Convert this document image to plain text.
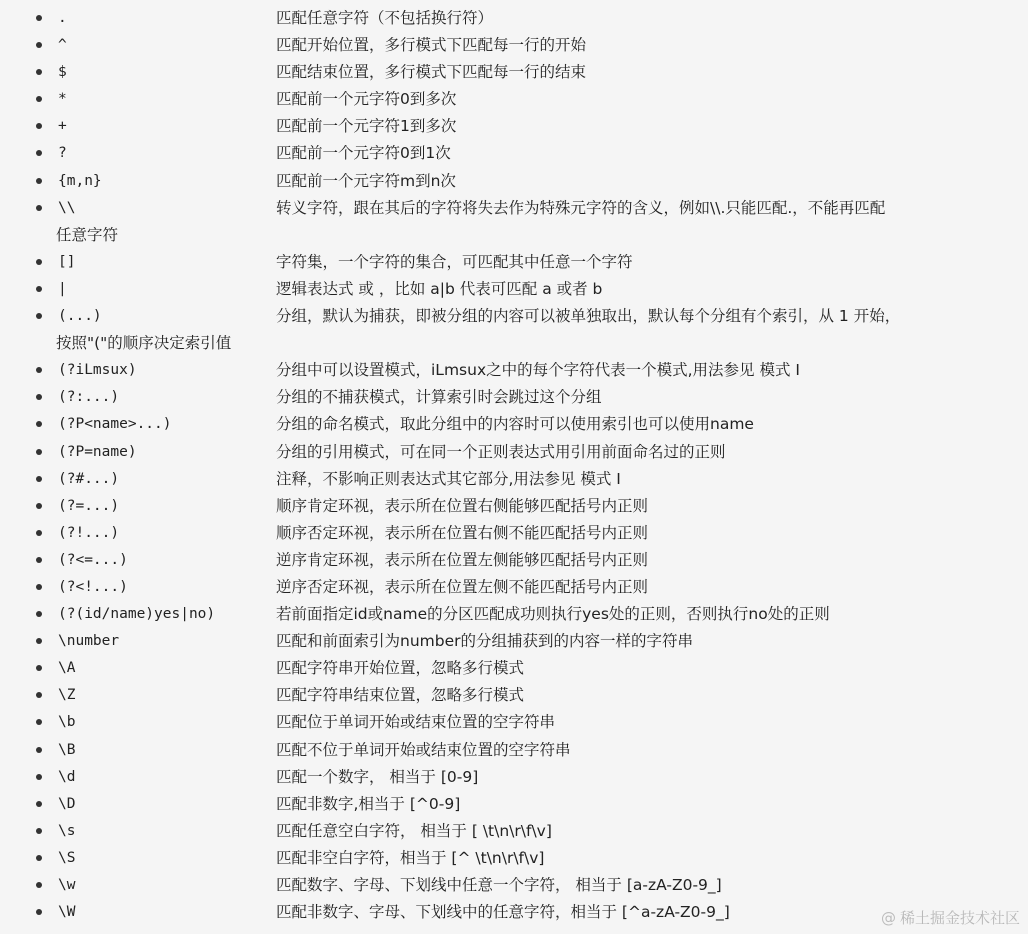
.	匹配任意字符（不包括换行符）
^	匹配开始位置，多行模式下匹配每一行的开始
$	匹配结束位置，多行模式下匹配每一行的结束
*	匹配前一个元字符0到多次
+	匹配前一个元字符1到多次
?	匹配前一个元字符0到1次
{m,n}	匹配前一个元字符m到n次
\\	转义字符，跟在其后的字符将失去作为特殊元字符的含义，例如\\.只能匹配.，不能再匹配
任意字符
[]	字符集，一个字符的集合，可匹配其中任意一个字符
|	逻辑表达式 或 ，比如 a|b 代表可匹配 a 或者 b
(...)	分组，默认为捕获，即被分组的内容可以被单独取出，默认每个分组有个索引，从 1 开始，
按照"("的顺序决定索引值
(?iLmsux)	分组中可以设置模式，iLmsux之中的每个字符代表一个模式,用法参见 模式 I
(?:...)	分组的不捕获模式，计算索引时会跳过这个分组
(?P<name>...)	分组的命名模式，取此分组中的内容时可以使用索引也可以使用name
(?P=name)	分组的引用模式，可在同一个正则表达式用引用前面命名过的正则
(?#...)	注释，不影响正则表达式其它部分,用法参见 模式 I
(?=...)	顺序肯定环视，表示所在位置右侧能够匹配括号内正则
(?!...)	顺序否定环视，表示所在位置右侧不能匹配括号内正则
(?<=...)	逆序肯定环视，表示所在位置左侧能够匹配括号内正则
(?<!...)	逆序否定环视，表示所在位置左侧不能匹配括号内正则
(?(id/name)yes|no)	若前面指定id或name的分区匹配成功则执行yes处的正则，否则执行no处的正则
\number	匹配和前面索引为number的分组捕获到的内容一样的字符串
\A	匹配字符串开始位置，忽略多行模式
\Z	匹配字符串结束位置，忽略多行模式
\b	匹配位于单词开始或结束位置的空字符串
\B	匹配不位于单词开始或结束位置的空字符串
\d	匹配一个数字， 相当于 [0-9]
\D	匹配非数字,相当于 [^0-9]
\s	匹配任意空白字符， 相当于 [ \t\n\r\f\v]
\S	匹配非空白字符，相当于 [^ \t\n\r\f\v]
\w	匹配数字、字母、下划线中任意一个字符， 相当于 [a-zA-Z0-9_]
\W	匹配非数字、字母、下划线中的任意字符，相当于 [^a-zA-Z0-9_]	@ 稀土掘金技术社区
